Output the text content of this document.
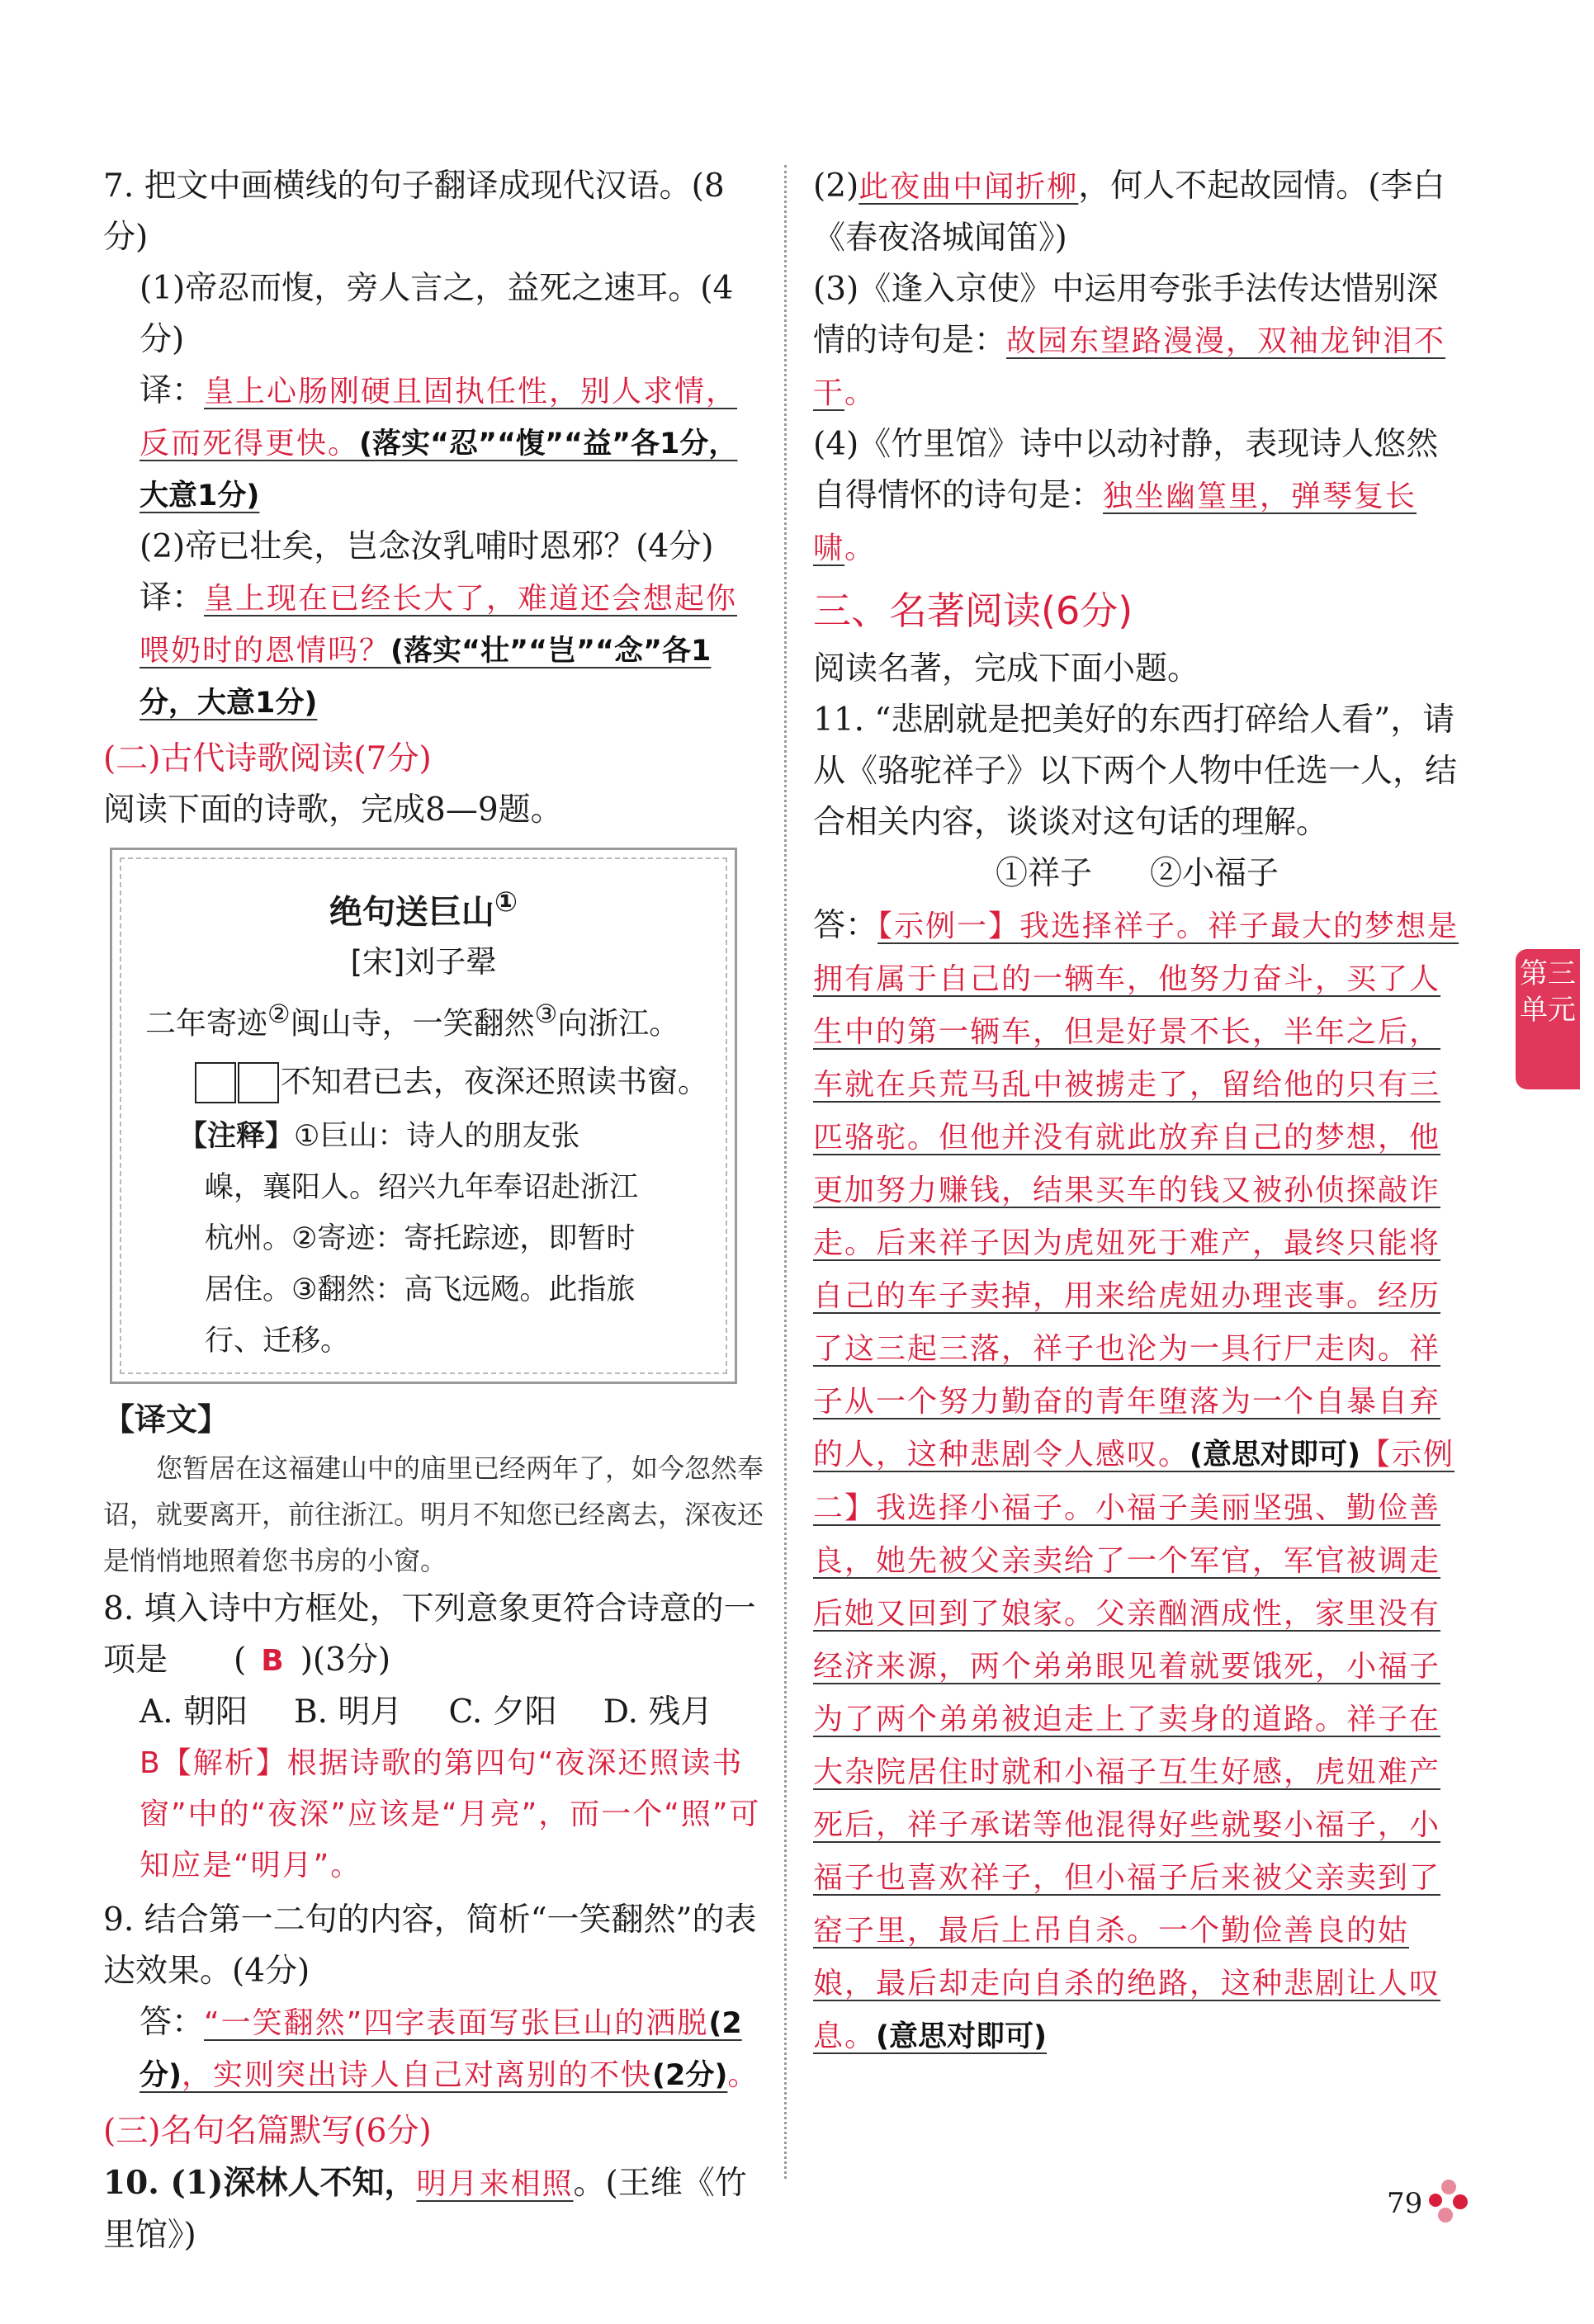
7. 把文中画横线的句子翻译成现代汉语。(8分)

(1)帝忍而愎，旁人言之，益死之速耳。(4分)

译：皇上心肠刚硬且固执任性，别人求情，反而死得更快。(落实“忍”“愎”“益”各1分，大意1分)

(2)帝已壮矣，岂念汝乳哺时恩邪？(4分)

译：皇上现在已经长大了，难道还会想起你喂奶时的恩情吗？(落实“壮”“岂”“念”各1分，大意1分)

(二)古代诗歌阅读(7分)

阅读下面的诗歌，完成8—9题。

绝句送巨山①
[宋]刘子翚
二年寄迹②闽山寺，一笑翻然③向浙江。
不知君已去，夜深还照读书窗。
【注释】①巨山：诗人的朋友张
嵲，襄阳人。绍兴九年奉诏赴浙江
杭州。②寄迹：寄托踪迹，即暂时
居住。③翻然：高飞远飏。此指旅
行、迁移。

【译文】

您暂居在这福建山中的庙里已经两年了，如今忽然奉诏，就要离开，前往浙江。明月不知您已经离去，深夜还是悄悄地照着您书房的小窗。

8. 填入诗中方框处，下列意象更符合诗意的一项是 ( B )(3分)

A. 朝阳 B. 明月 C. 夕阳 D. 残月

B【解析】根据诗歌的第四句“夜深还照读书窗”中的“夜深”应该是“月亮”，而一个“照”可知应是“明月”。

9. 结合第一二句的内容，简析“一笑翻然”的表达效果。(4分)

答：“一笑翻然”四字表面写张巨山的洒脱(2分)，实则突出诗人自己对离别的不快(2分)。

(三)名句名篇默写(6分)

10. (1)深林人不知，明月来相照。(王维《竹里馆》)

(2)此夜曲中闻折柳，何人不起故园情。(李白《春夜洛城闻笛》)

(3)《逢入京使》中运用夸张手法传达惜别深情的诗句是：故园东望路漫漫，双袖龙钟泪不干。

(4)《竹里馆》诗中以动衬静，表现诗人悠然自得情怀的诗句是：独坐幽篁里，弹琴复长啸。

三、名著阅读(6分)

阅读名著，完成下面小题。

11. “悲剧就是把美好的东西打碎给人看”，请从《骆驼祥子》以下两个人物中任选一人，结合相关内容，谈谈对这句话的理解。

①祥子 ②小福子

答：【示例一】我选择祥子。祥子最大的梦想是拥有属于自己的一辆车，他努力奋斗，买了人生中的第一辆车，但是好景不长，半年之后，车就在兵荒马乱中被掳走了，留给他的只有三匹骆驼。但他并没有就此放弃自己的梦想，他更加努力赚钱，结果买车的钱又被孙侦探敲诈走。后来祥子因为虎妞死于难产，最终只能将自己的车子卖掉，用来给虎妞办理丧事。经历了这三起三落，祥子也沦为一具行尸走肉。祥子从一个努力勤奋的青年堕落为一个自暴自弃的人，这种悲剧令人感叹。(意思对即可)【示例二】我选择小福子。小福子美丽坚强、勤俭善良，她先被父亲卖给了一个军官，军官被调走后她又回到了娘家。父亲酗酒成性，家里没有经济来源，两个弟弟眼见着就要饿死，小福子为了两个弟弟被迫走上了卖身的道路。祥子在大杂院居住时就和小福子互生好感，虎妞难产死后，祥子承诺等他混得好些就娶小福子，小福子也喜欢祥子，但小福子后来被父亲卖到了窑子里，最后上吊自杀。一个勤俭善良的姑娘，最后却走向自杀的绝路，这种悲剧让人叹息。(意思对即可)

第三单元
79
